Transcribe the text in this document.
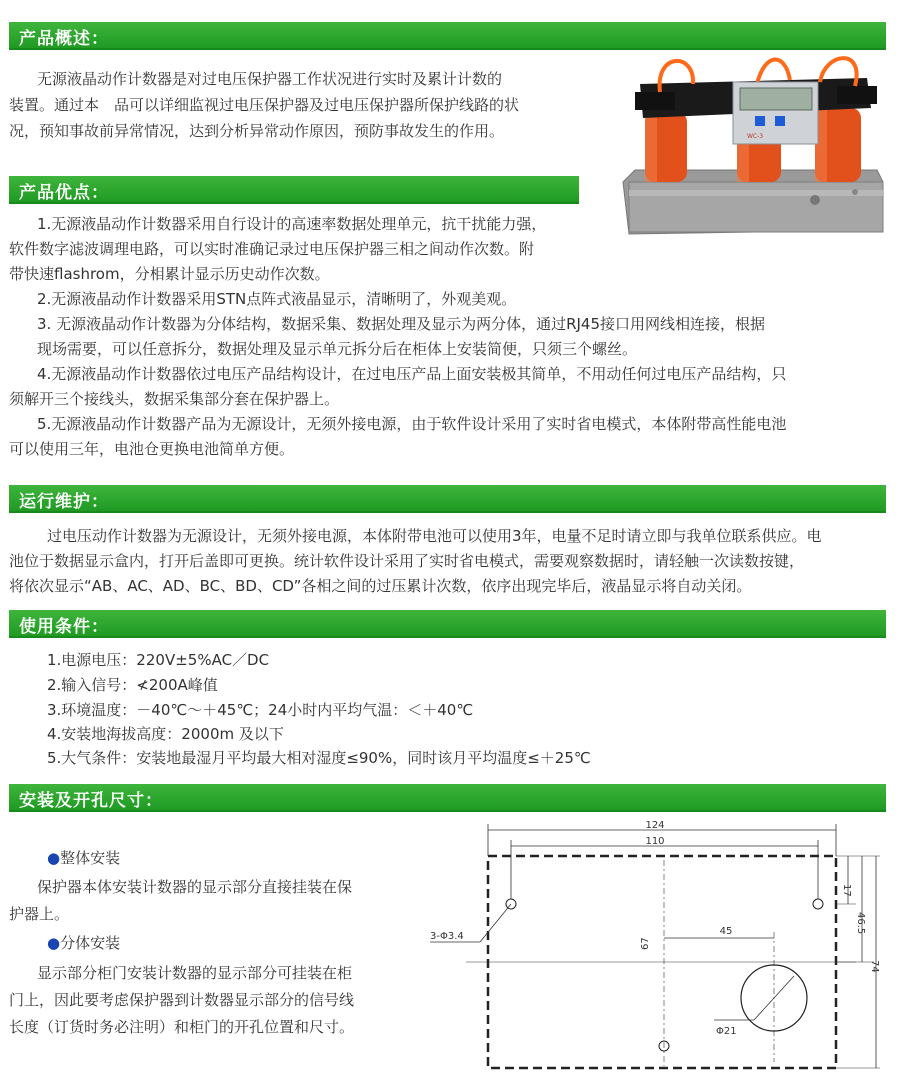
产品概述：
产品优点：
运行维护：
使用条件：
安装及开孔尺寸：
无源液晶动作计数器是对过电压保护器工作状况进行实时及累计计数的
装置。通过本　品可以详细监视过电压保护器及过电压保护器所保护线路的状
况，预知事故前异常情况，达到分析异常动作原因，预防事故发生的作用。	WC-3
1.无源液晶动作计数器采用自行设计的高速率数据处理单元，抗干扰能力强，
软件数字滤波调理电路，可以实时准确记录过电压保护器三相之间动作次数。附
带快速flashrom，分相累计显示历史动作次数。
2.无源液晶动作计数器采用STN点阵式液晶显示，清晰明了，外观美观。
3. 无源液晶动作计数器为分体结构，数据采集、数据处理及显示为两分体，通过RJ45接口用网线相连接，根据
现场需要，可以任意拆分，数据处理及显示单元拆分后在柜体上安装简便，只须三个螺丝。
4.无源液晶动作计数器依过电压产品结构设计，在过电压产品上面安装极其简单，不用动任何过电压产品结构，只
须解开三个接线头，数据采集部分套在保护器上。
5.无源液晶动作计数器产品为无源设计，无须外接电源，由于软件设计采用了实时省电模式，本体附带高性能电池
可以使用三年，电池仓更换电池简单方便。
过电压动作计数器为无源设计，无须外接电源，本体附带电池可以使用3年，电量不足时请立即与我单位联系供应。电
池位于数据显示盒内，打开后盖即可更换。统计软件设计采用了实时省电模式，需要观察数据时，请轻触一次读数按键，
将依次显示“AB、AC、AD、BC、BD、CD”各相之间的过压累计次数，依序出现完毕后，液晶显示将自动关闭。
1.电源电压：220V±5%AC／DC
2.输入信号：≮200A峰值
3.环境温度：－40℃～＋45℃；24小时内平均气温：＜＋40℃
4.安装地海拔高度：2000m 及以下
5.大气条件：安装地最湿月平均最大相对湿度≤90%，同时该月平均温度≤＋25℃
●整体安装
保护器本体安装计数器的显示部分直接挂装在保
护器上。
●分体安装
显示部分柜门安装计数器的显示部分可挂装在柜
门上，因此要考虑保护器到计数器显示部分的信号线
长度（订货时务必注明）和柜门的开孔位置和尺寸。
124
110
67
45
Φ21
3-Φ3.4
17
46.5
74
